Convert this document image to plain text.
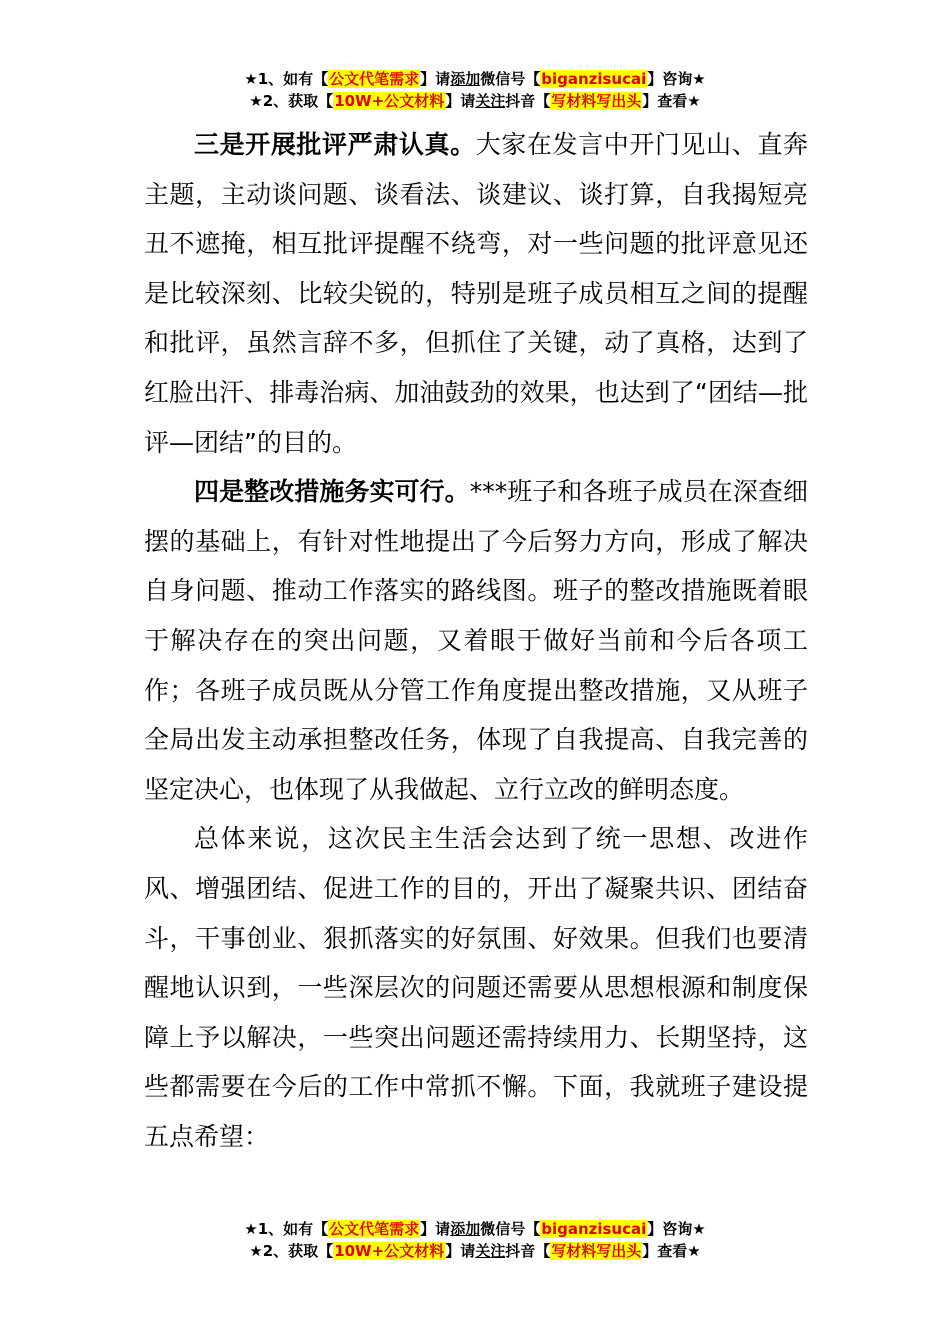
★1、如有【公文代笔需求】请添加微信号【biganzisucai】咨询★
★2、获取【10W+公文材料】请关注抖音【写材料写出头】查看★

三是开展批评严肃认真。大家在发言中开门见山、直奔主题，主动谈问题、谈看法、谈建议、谈打算，自我揭短亮丑不遮掩，相互批评提醒不绕弯，对一些问题的批评意见还是比较深刻、比较尖锐的，特别是班子成员相互之间的提醒和批评，虽然言辞不多，但抓住了关键，动了真格，达到了红脸出汗、排毒治病、加油鼓劲的效果，也达到了“团结—批评—团结”的目的。

四是整改措施务实可行。***班子和各班子成员在深查细摆的基础上，有针对性地提出了今后努力方向，形成了解决自身问题、推动工作落实的路线图。班子的整改措施既着眼于解决存在的突出问题，又着眼于做好当前和今后各项工作；各班子成员既从分管工作角度提出整改措施，又从班子全局出发主动承担整改任务，体现了自我提高、自我完善的坚定决心，也体现了从我做起、立行立改的鲜明态度。

总体来说，这次民主生活会达到了统一思想、改进作风、增强团结、促进工作的目的，开出了凝聚共识、团结奋斗，干事创业、狠抓落实的好氛围、好效果。但我们也要清醒地认识到，一些深层次的问题还需要从思想根源和制度保障上予以解决，一些突出问题还需持续用力、长期坚持，这些都需要在今后的工作中常抓不懈。下面，我就班子建设提五点希望：

★1、如有【公文代笔需求】请添加微信号【biganzisucai】咨询★
★2、获取【10W+公文材料】请关注抖音【写材料写出头】查看★
